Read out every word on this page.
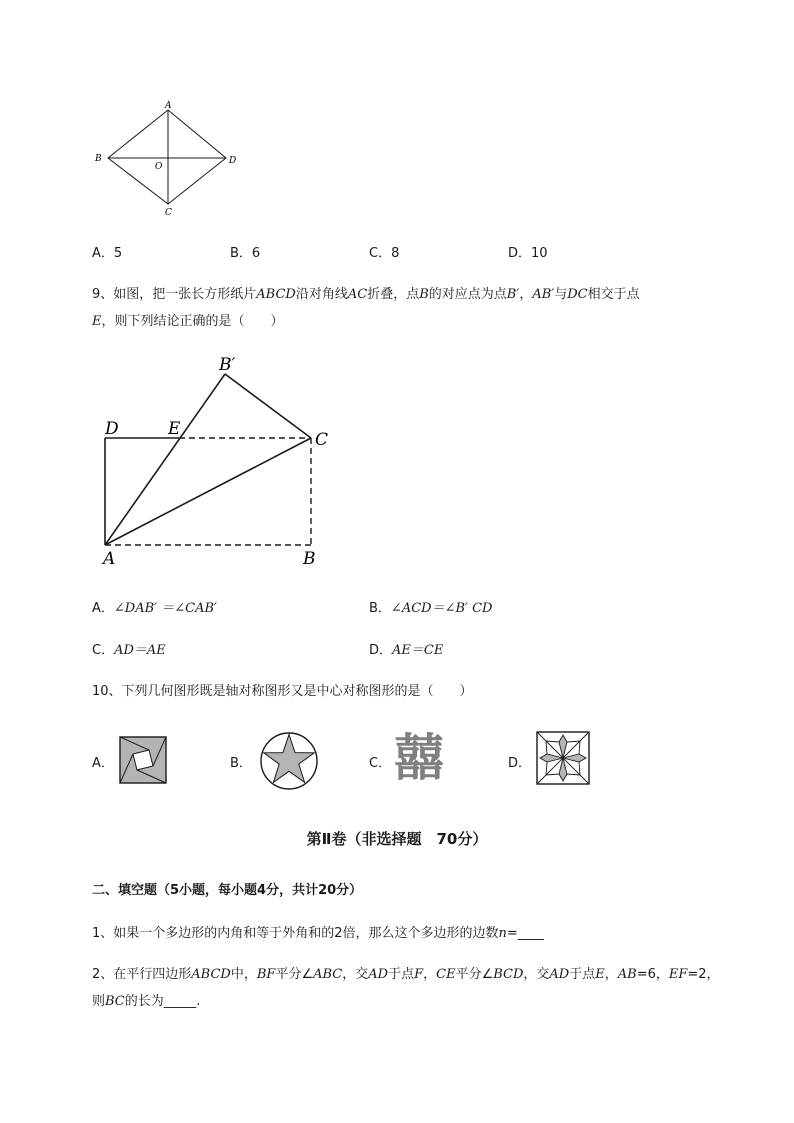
A
B	D
O
C
A．5	B．6	C．8	D．10
9、如图，把一张长方形纸片ABCD沿对角线AC折叠，点B的对应点为点B′，AB′与DC相交于点
E，则下列结论正确的是（　　）
B′
D	E
C
A	B
A．∠DAB′ ＝∠CAB′	B．∠ACD＝∠B′ CD
C．AD＝AE	D．AE＝CE
10、下列几何图形既是轴对称图形又是中心对称图形的是（　　）
A．	B．	C． 囍	D．
第Ⅱ卷（非选择题　70分）
二、填空题（5小题，每小题4分，共计20分）
1、如果一个多边形的内角和等于外角和的2倍，那么这个多边形的边数n=____
2、在平行四边形ABCD中，BF平分∠ABC，交AD于点F，CE平分∠BCD，交AD于点E，AB=6，EF=2，
则BC的长为_____.
